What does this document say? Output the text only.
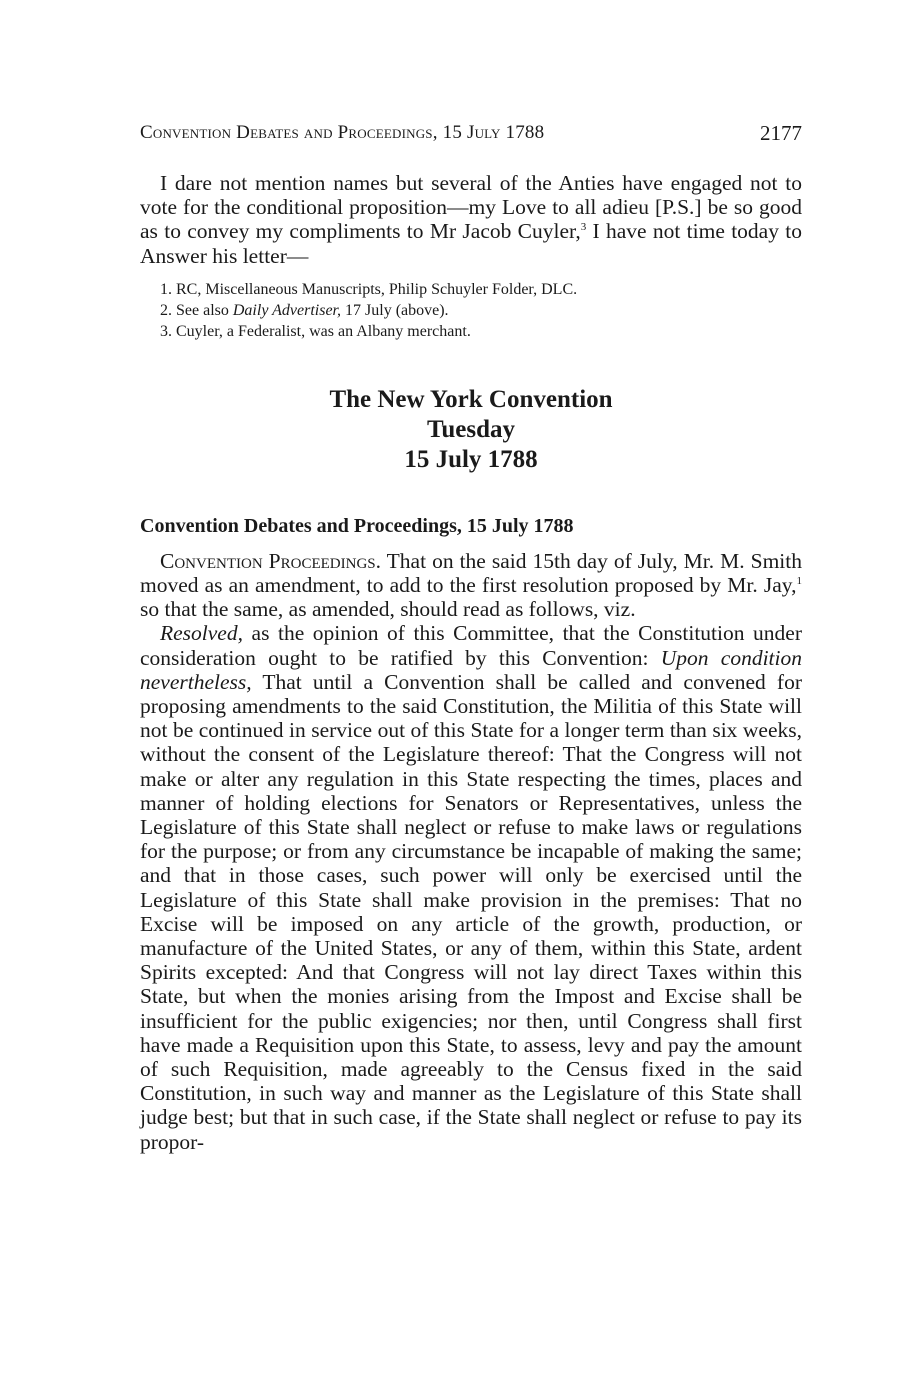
Convention Debates and Proceedings, 15 July 1788	2177

I dare not mention names but several of the Anties have engaged not to vote for the conditional proposition—my Love to all adieu [P.S.] be so good as to convey my compliments to Mr Jacob Cuyler,$^3$ I have not time today to Answer his letter—

1. RC, Miscellaneous Manuscripts, Philip Schuyler Folder, DLC.

2. See also Daily Advertiser, 17 July (above).

3. Cuyler, a Federalist, was an Albany merchant.

The New York Convention
Tuesday
15 July 1788
Convention Debates and Proceedings, 15 July 1788

Convention Proceedings. That on the said 15th day of July, Mr. M. Smith moved as an amendment, to add to the first resolution proposed by Mr. Jay,$^1$ so that the same, as amended, should read as follows, viz.

Resolved, as the opinion of this Committee, that the Constitution under consideration ought to be ratified by this Convention: Upon condition nevertheless, That until a Convention shall be called and convened for proposing amendments to the said Constitution, the Militia of this State will not be continued in service out of this State for a longer term than six weeks, without the consent of the Legislature thereof: That the Congress will not make or alter any regulation in this State respecting the times, places and manner of holding elections for Senators or Representatives, unless the Legislature of this State shall neglect or refuse to make laws or regulations for the purpose; or from any circumstance be incapable of making the same; and that in those cases, such power will only be exercised until the Legislature of this State shall make provision in the premises: That no Excise will be imposed on any article of the growth, production, or manufacture of the United States, or any of them, within this State, ardent Spirits excepted: And that Congress will not lay direct Taxes within this State, but when the monies arising from the Impost and Excise shall be insufficient for the public exigencies; nor then, until Congress shall first have made a Requisition upon this State, to assess, levy and pay the amount of such Requisition, made agreeably to the Census fixed in the said Constitution, in such way and manner as the Legislature of this State shall judge best; but that in such case, if the State shall neglect or refuse to pay its propor-
